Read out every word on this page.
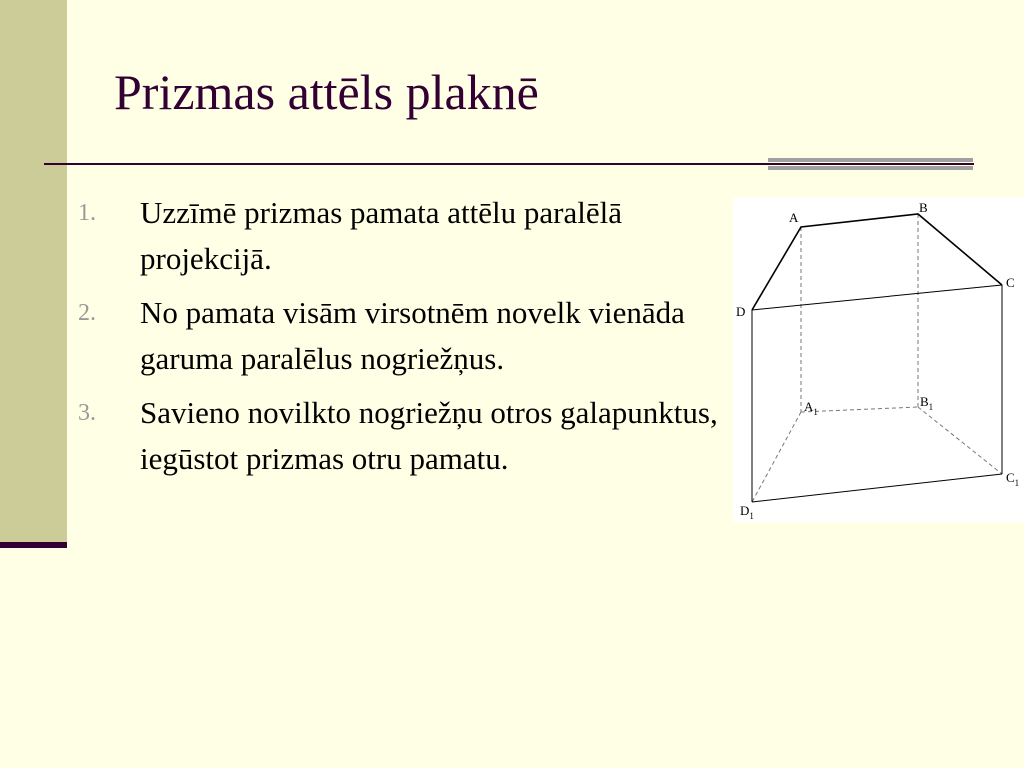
Prizmas attēls plaknē
1.	Uzzīmē prizmas pamata attēlu paralēlā projekcijā.
2.	No pamata visām virsotnēm novelk vienāda garuma paralēlus nogriežņus.
3.	Savieno novilkto nogriežņu otros galapunktus, iegūstot prizmas otru pamatu.
A
B
C
D
$A_1$
$B_1$
$C_1$
$D_1$
